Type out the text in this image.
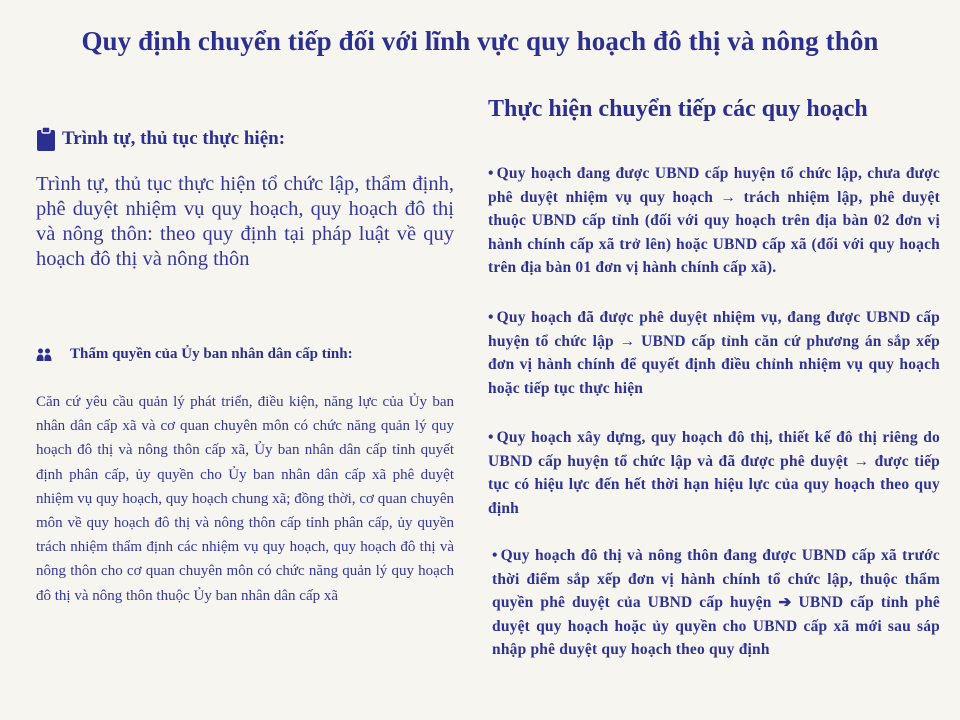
Quy định chuyển tiếp đối với lĩnh vực quy hoạch đô thị và nông thôn
Trình tự, thủ tục thực hiện:
Trình tự, thủ tục thực hiện tổ chức lập, thẩm định, phê duyệt nhiệm vụ quy hoạch, quy hoạch đô thị và nông thôn: theo quy định tại pháp luật về quy hoạch đô thị và nông thôn
Thẩm quyền của Ủy ban nhân dân cấp tỉnh:
Căn cứ yêu cầu quản lý phát triển, điều kiện, năng lực của Ủy ban nhân dân cấp xã và cơ quan chuyên môn có chức năng quản lý quy hoạch đô thị và nông thôn cấp xã, Ủy ban nhân dân cấp tỉnh quyết định phân cấp, ủy quyền cho Ủy ban nhân dân cấp xã phê duyệt nhiệm vụ quy hoạch, quy hoạch chung xã; đồng thời, cơ quan chuyên môn về quy hoạch đô thị và nông thôn cấp tỉnh phân cấp, ủy quyền trách nhiệm thẩm định các nhiệm vụ quy hoạch, quy hoạch đô thị và nông thôn cho cơ quan chuyên môn có chức năng quản lý quy hoạch đô thị và nông thôn thuộc Ủy ban nhân dân cấp xã
Thực hiện chuyển tiếp các quy hoạch
• Quy hoạch đang được UBND cấp huyện tổ chức lập, chưa được phê duyệt nhiệm vụ quy hoạch → trách nhiệm lập, phê duyệt thuộc UBND cấp tỉnh (đối với quy hoạch trên địa bàn 02 đơn vị hành chính cấp xã trở lên) hoặc UBND cấp xã (đối với quy hoạch trên địa bàn 01 đơn vị hành chính cấp xã).
• Quy hoạch đã được phê duyệt nhiệm vụ, đang được UBND cấp huyện tổ chức lập → UBND cấp tỉnh căn cứ phương án sắp xếp đơn vị hành chính để quyết định điều chỉnh nhiệm vụ quy hoạch hoặc tiếp tục thực hiện
• Quy hoạch xây dựng, quy hoạch đô thị, thiết kế đô thị riêng do UBND cấp huyện tổ chức lập và đã được phê duyệt → được tiếp tục có hiệu lực đến hết thời hạn hiệu lực của quy hoạch theo quy định
• Quy hoạch đô thị và nông thôn đang được UBND cấp xã trước thời điểm sắp xếp đơn vị hành chính tổ chức lập, thuộc thẩm quyền phê duyệt của UBND cấp huyện ➔ UBND cấp tỉnh phê duyệt quy hoạch hoặc ủy quyền cho UBND cấp xã mới sau sáp nhập phê duyệt quy hoạch theo quy định
